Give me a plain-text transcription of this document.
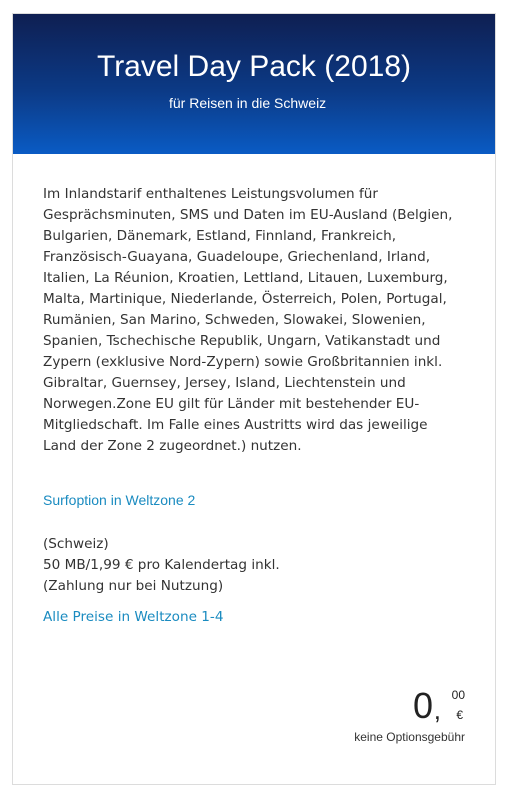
Travel Day Pack (2018)
für Reisen in die Schweiz
Im Inlandstarif enthaltenes Leistungsvolumen für Gesprächsminuten, SMS und Daten im EU-Ausland (Belgien, Bulgarien, Dänemark, Estland, Finnland, Frankreich, Französisch-Guayana, Guadeloupe, Griechenland, Irland, Italien, La Réunion, Kroatien, Lettland, Litauen, Luxemburg, Malta, Martinique, Niederlande, Österreich, Polen, Portugal, Rumänien, San Marino, Schweden, Slowakei, Slowenien, Spanien, Tschechische Republik, Ungarn, Vatikanstadt und Zypern (exklusive Nord-Zypern) sowie Großbritannien inkl. Gibraltar, Guernsey, Jersey, Island, Liechtenstein und Norwegen.Zone EU gilt für Länder mit bestehender EU-Mitgliedschaft. Im Falle eines Austritts wird das jeweilige Land der Zone 2 zugeordnet.) nutzen.
Surfoption in Weltzone 2
(Schweiz)
50 MB/1,99 € pro Kalendertag inkl.
(Zahlung nur bei Nutzung)
Alle Preise in Weltzone 1-4
0 , 00
€
keine Optionsgebühr
